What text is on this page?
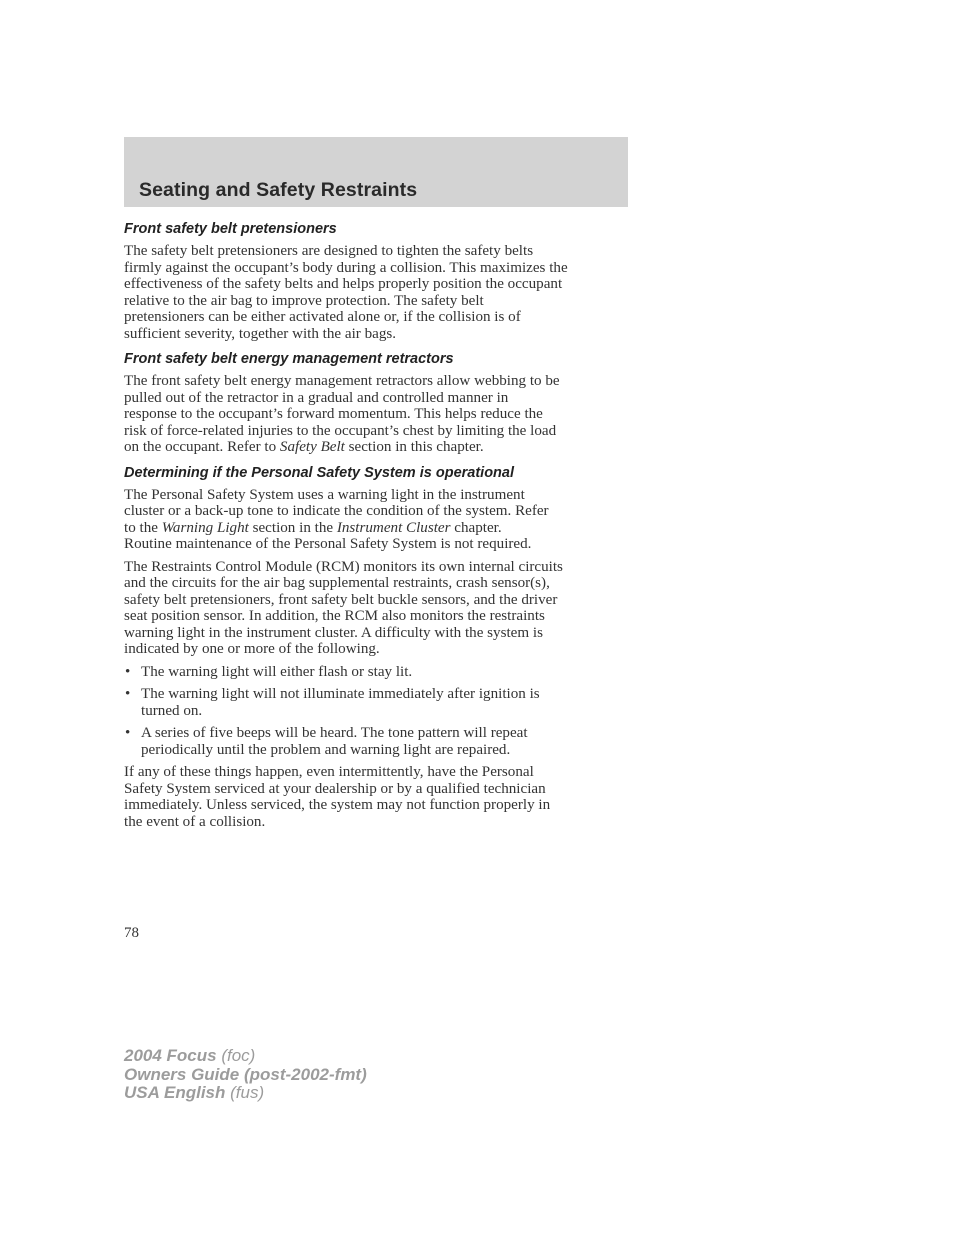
Seating and Safety Restraints
Front safety belt pretensioners

The safety belt pretensioners are designed to tighten the safety belts
firmly against the occupant’s body during a collision. This maximizes the
effectiveness of the safety belts and helps properly position the occupant
relative to the air bag to improve protection. The safety belt
pretensioners can be either activated alone or, if the collision is of
sufficient severity, together with the air bags.

Front safety belt energy management retractors

The front safety belt energy management retractors allow webbing to be
pulled out of the retractor in a gradual and controlled manner in
response to the occupant’s forward momentum. This helps reduce the
risk of force-related injuries to the occupant’s chest by limiting the load
on the occupant. Refer to Safety Belt section in this chapter.

Determining if the Personal Safety System is operational

The Personal Safety System uses a warning light in the instrument
cluster or a back-up tone to indicate the condition of the system. Refer
to the Warning Light section in the Instrument Cluster chapter.
Routine maintenance of the Personal Safety System is not required.

The Restraints Control Module (RCM) monitors its own internal circuits
and the circuits for the air bag supplemental restraints, crash sensor(s),
safety belt pretensioners, front safety belt buckle sensors, and the driver
seat position sensor. In addition, the RCM also monitors the restraints
warning light in the instrument cluster. A difficulty with the system is
indicated by one or more of the following.

• The warning light will either flash or stay lit.
• The warning light will not illuminate immediately after ignition is
turned on.
• A series of five beeps will be heard. The tone pattern will repeat
periodically until the problem and warning light are repaired.

If any of these things happen, even intermittently, have the Personal
Safety System serviced at your dealership or by a qualified technician
immediately. Unless serviced, the system may not function properly in
the event of a collision.

78
2004 Focus (foc)
Owners Guide (post-2002-fmt)
USA English (fus)
